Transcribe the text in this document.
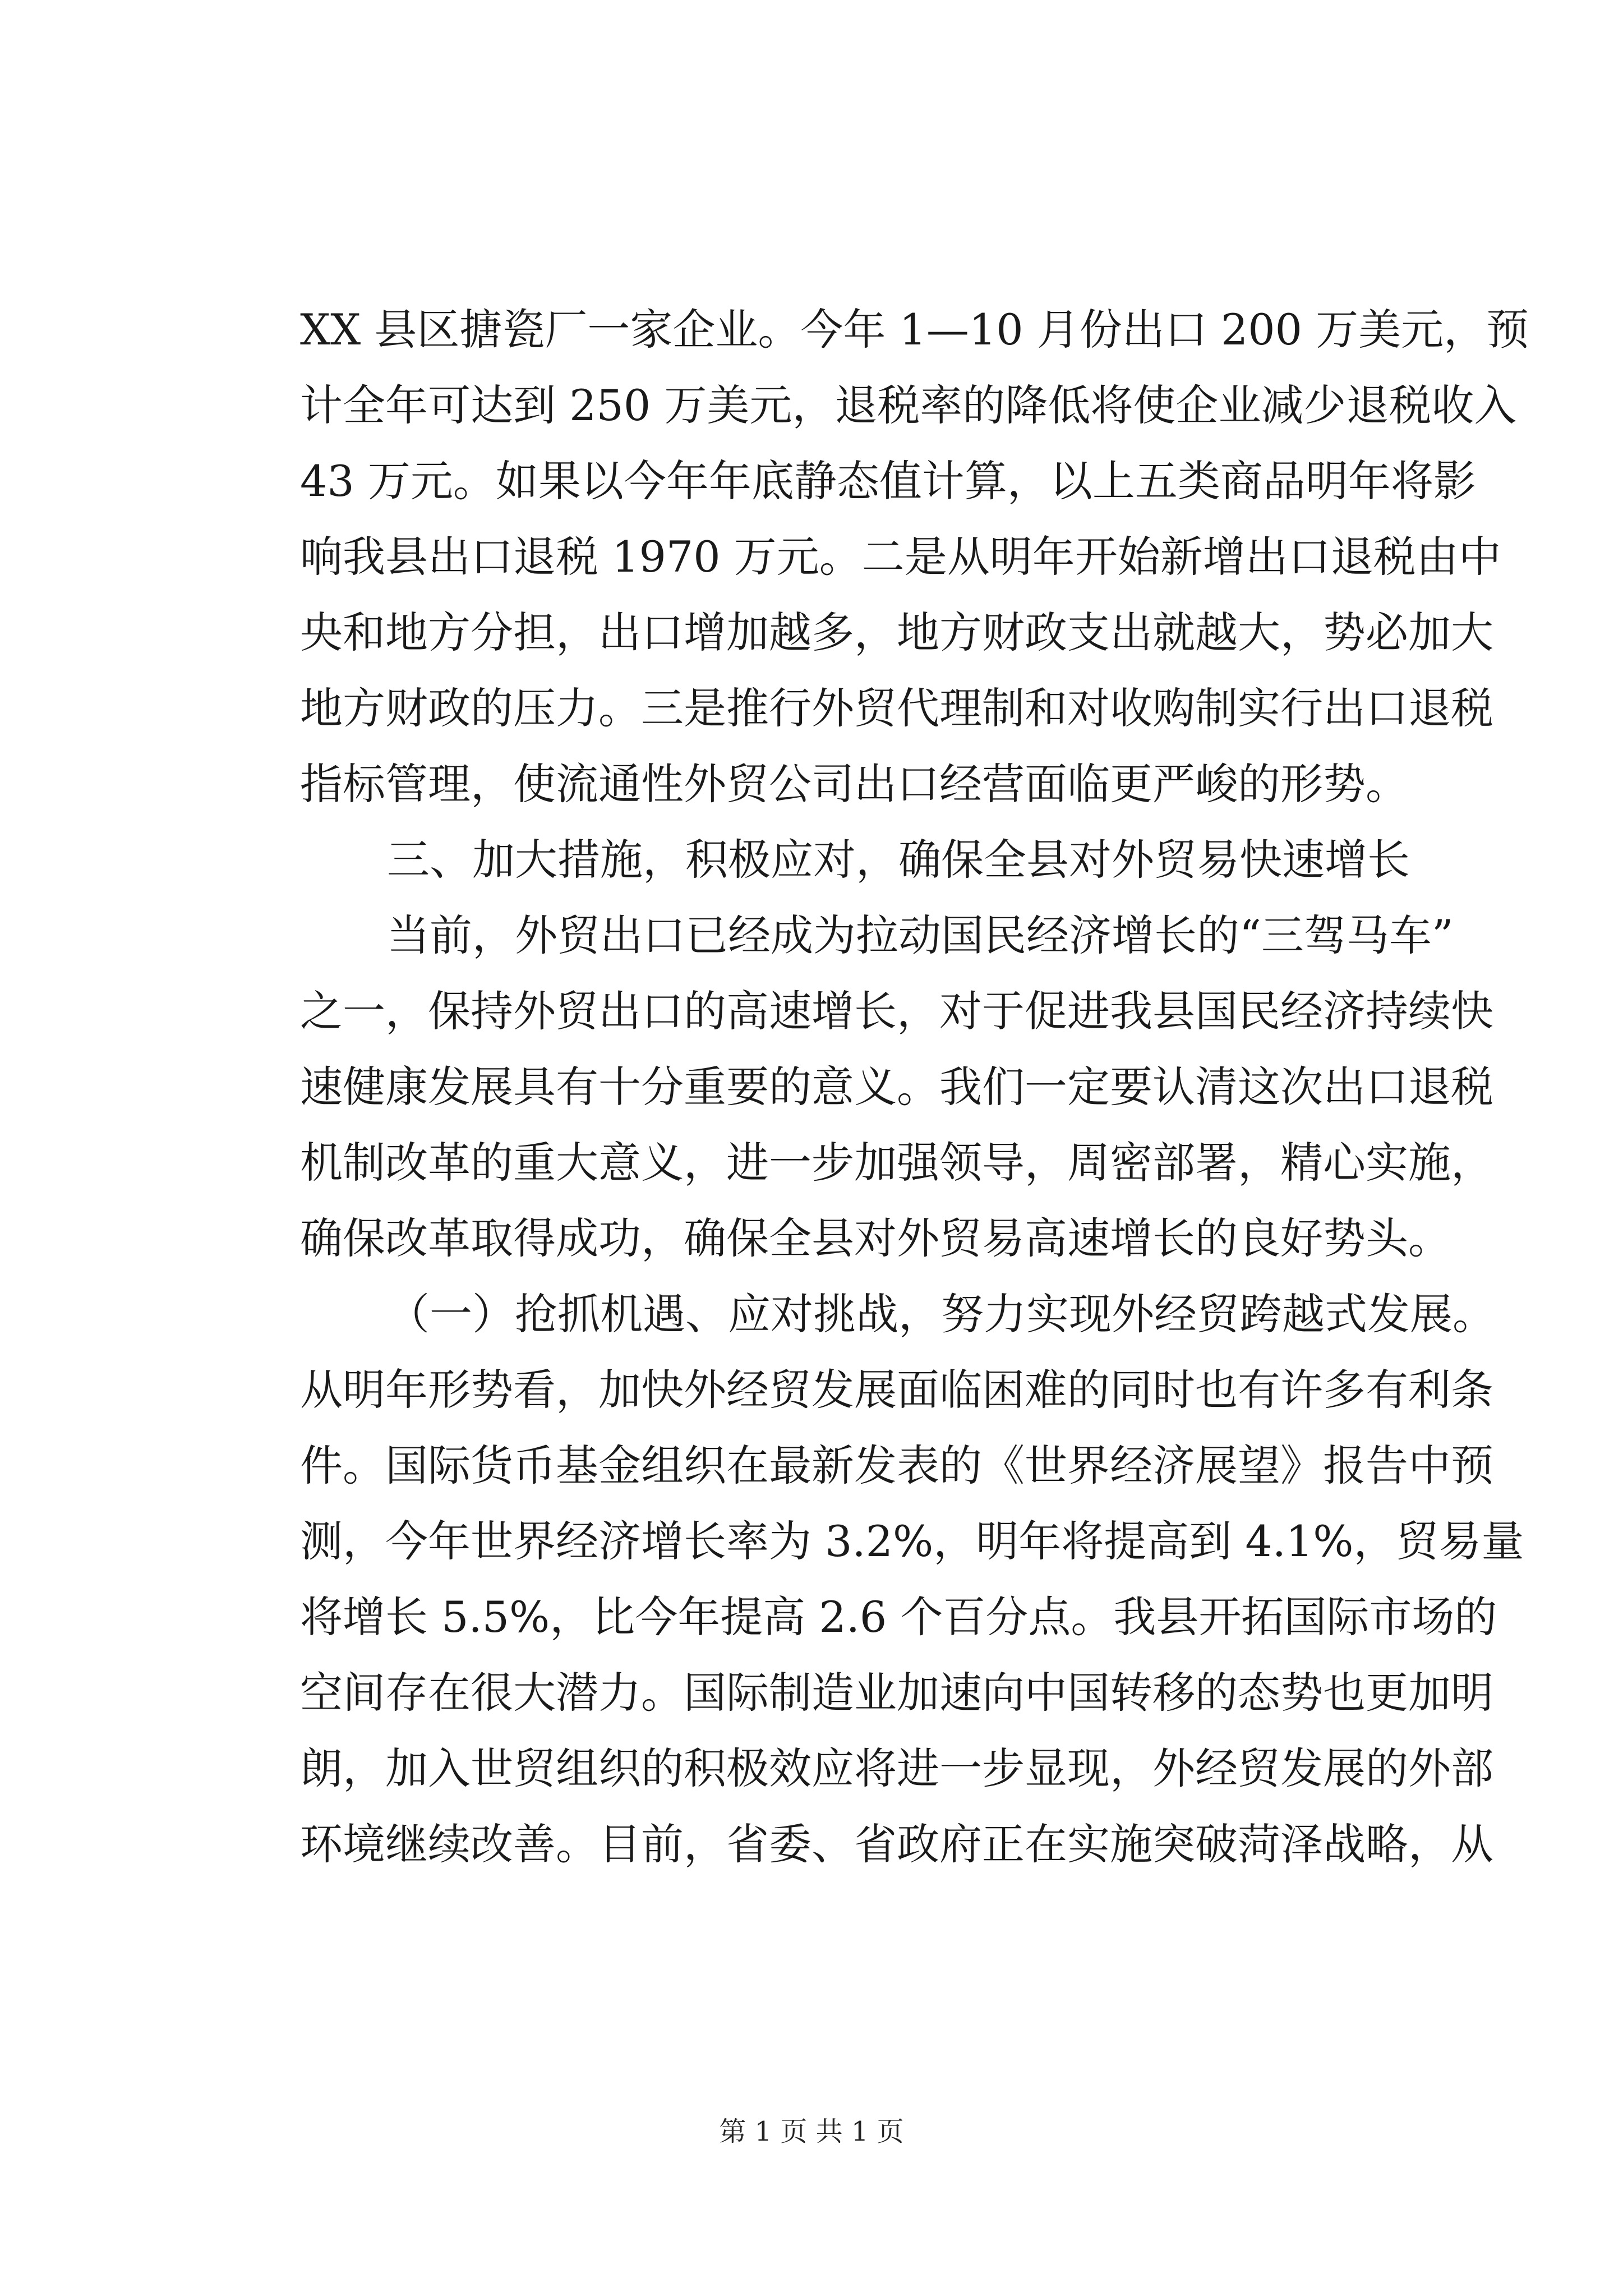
XX 县区搪瓷厂一家企业。今年 1—10 月份出口 200 万美元，预
计全年可达到 250 万美元，退税率的降低将使企业减少退税收入
43 万元。如果以今年年底静态值计算，以上五类商品明年将影
响我县出口退税 1970 万元。二是从明年开始新增出口退税由中
央和地方分担，出口增加越多，地方财政支出就越大，势必加大
地方财政的压力。三是推行外贸代理制和对收购制实行出口退税
指标管理，使流通性外贸公司出口经营面临更严峻的形势。
三、加大措施，积极应对，确保全县对外贸易快速增长
当前，外贸出口已经成为拉动国民经济增长的“三驾马车”
之一，保持外贸出口的高速增长，对于促进我县国民经济持续快
速健康发展具有十分重要的意义。我们一定要认清这次出口退税
机制改革的重大意义，进一步加强领导，周密部署，精心实施，
确保改革取得成功，确保全县对外贸易高速增长的良好势头。
（一）抢抓机遇、应对挑战，努力实现外经贸跨越式发展。
从明年形势看，加快外经贸发展面临困难的同时也有许多有利条
件。国际货币基金组织在最新发表的《世界经济展望》报告中预
测，今年世界经济增长率为 3.2%，明年将提高到 4.1%，贸易量
将增长 5.5%，比今年提高 2.6 个百分点。我县开拓国际市场的
空间存在很大潜力。国际制造业加速向中国转移的态势也更加明
朗，加入世贸组织的积极效应将进一步显现，外经贸发展的外部
环境继续改善。目前，省委、省政府正在实施突破菏泽战略，从
第 1 页 共 1 页
